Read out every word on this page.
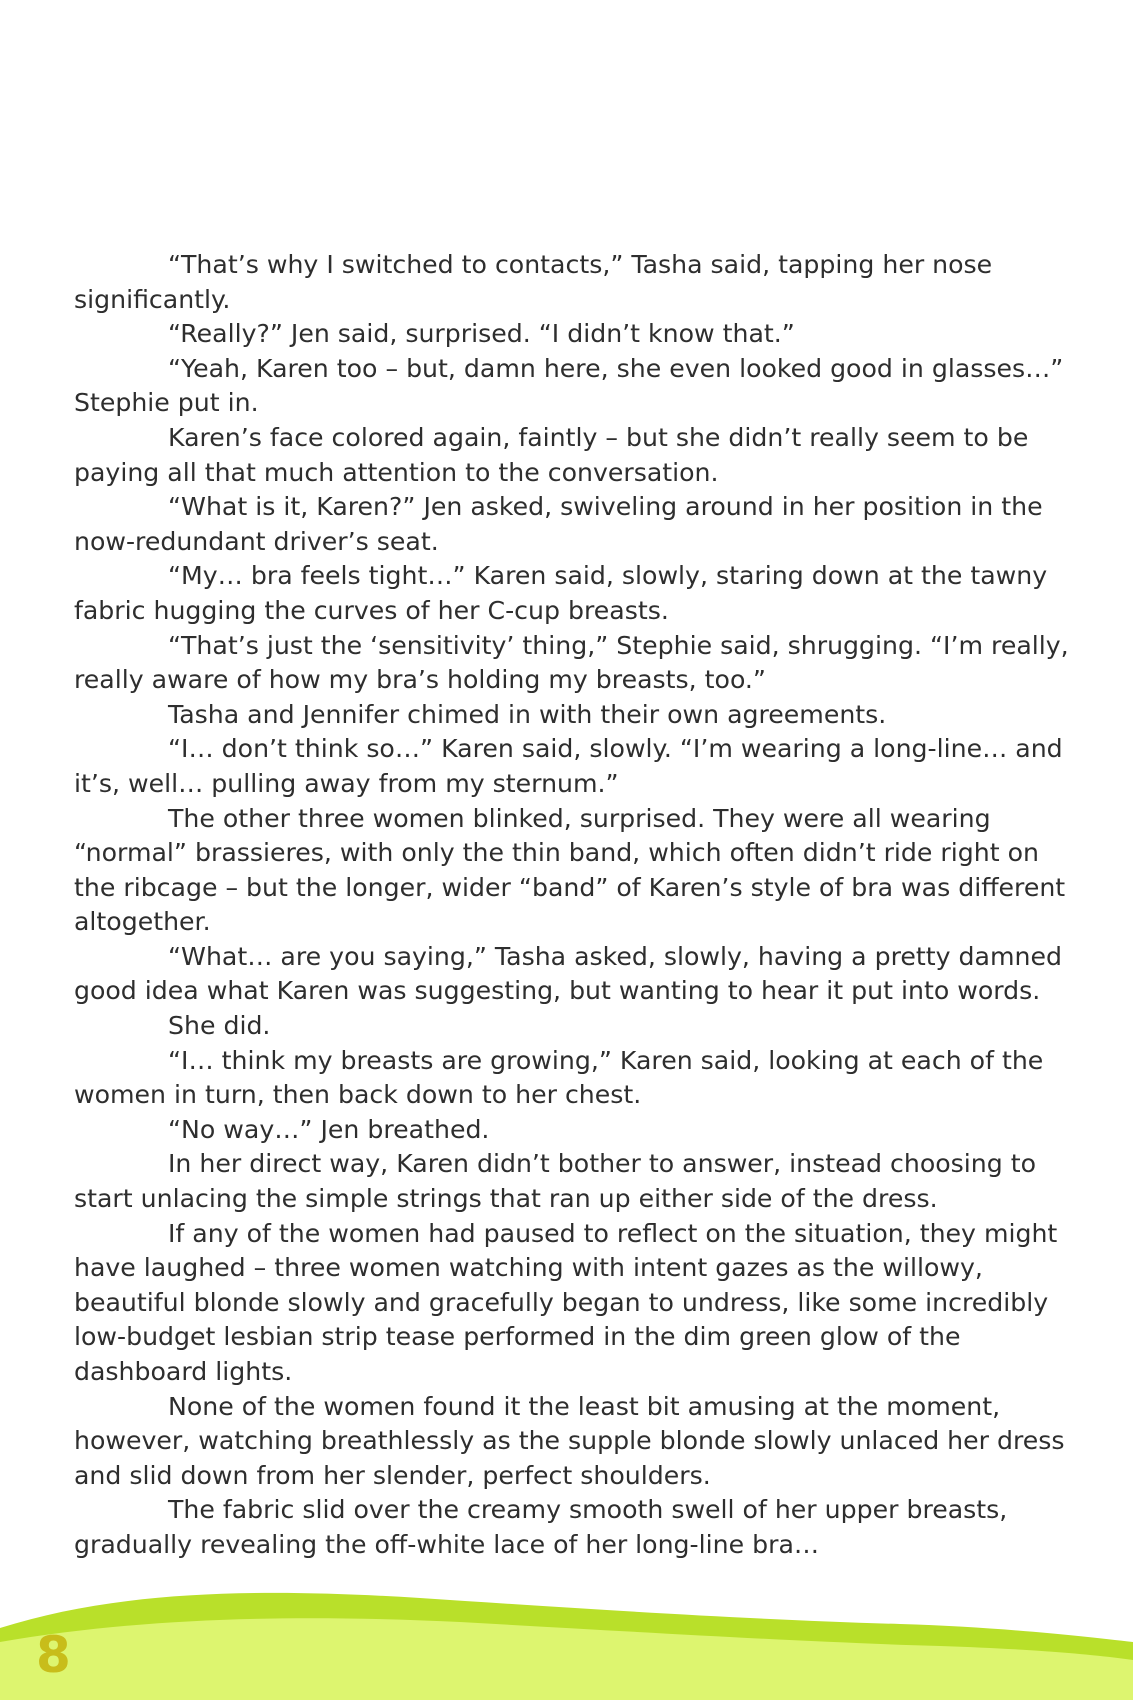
“That’s why I switched to contacts,” Tasha said, tapping her nose significantly.

“Really?” Jen said, surprised. “I didn’t know that.”

“Yeah, Karen too – but, damn here, she even looked good in glasses…” Stephie put in.

Karen’s face colored again, faintly – but she didn’t really seem to be paying all that much attention to the conversation.

“What is it, Karen?” Jen asked, swiveling around in her position in the now-redundant driver’s seat.

“My… bra feels tight…” Karen said, slowly, staring down at the tawny fabric hugging the curves of her C-cup breasts.

“That’s just the ‘sensitivity’ thing,” Stephie said, shrugging. “I’m really, really aware of how my bra’s holding my breasts, too.”

Tasha and Jennifer chimed in with their own agreements.

“I… don’t think so…” Karen said, slowly. “I’m wearing a long-line… and it’s, well… pulling away from my sternum.”

The other three women blinked, surprised. They were all wearing “normal” brassieres, with only the thin band, which often didn’t ride right on the ribcage – but the longer, wider “band” of Karen’s style of bra was different altogether.

“What… are you saying,” Tasha asked, slowly, having a pretty damned good idea what Karen was suggesting, but wanting to hear it put into words.

She did.

“I… think my breasts are growing,” Karen said, looking at each of the women in turn, then back down to her chest.

“No way…” Jen breathed.

In her direct way, Karen didn’t bother to answer, instead choosing to start unlacing the simple strings that ran up either side of the dress.

If any of the women had paused to reflect on the situation, they might have laughed – three women watching with intent gazes as the willowy, beautiful blonde slowly and gracefully began to undress, like some incredibly low-budget lesbian strip tease performed in the dim green glow of the dashboard lights.

None of the women found it the least bit amusing at the moment, however, watching breathlessly as the supple blonde slowly unlaced her dress and slid down from her slender, perfect shoulders.

The fabric slid over the creamy smooth swell of her upper breasts, gradually revealing the off-white lace of her long-line bra…

8
